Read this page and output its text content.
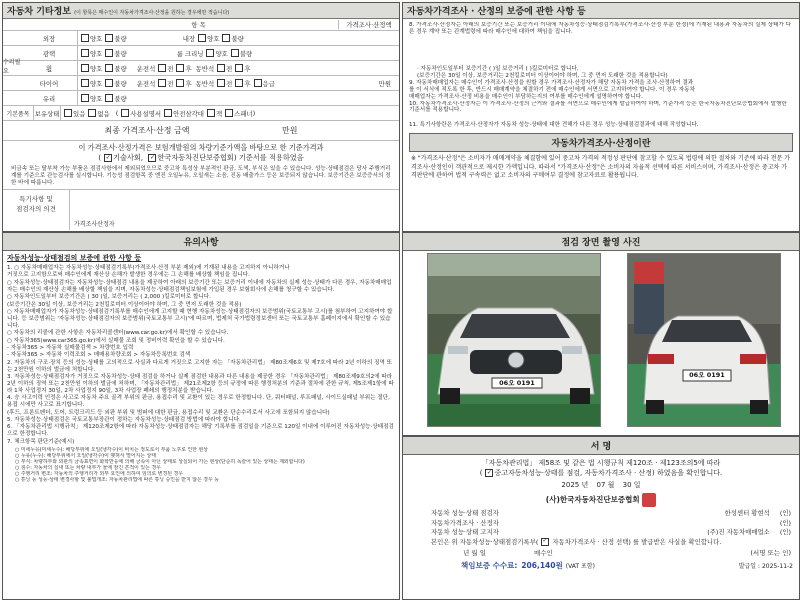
자동차 기타정보 (이 항목은 매수인이 자동차가격조사·산정을 원하는 경우에만 적습니다)
항 목	가격조사·산정액
수리필요
외장	양호 불량	내장 양호 불량
광택	양호 불량	룸 크리닝 양호 불량
휠	양호 불량 운전석 전 후 동반석 전 후
타이어	양호 불량 운전석 전 후 동반석 전 후 응급	만원
유리	양호 불량
기본품목 보유상태 있음 없음 ( 사용설명서 안전삼각대 잭 스패너 )
최종 가격조사·산정 금액	만원
이 가격조사·산정가격은 보험개발원의 차량기준가액을 바탕으로 한 기준가격과
( ✓ 기술사회, ✓한국자동차진단보증협회) 기준서를 적용하였음
비금속 또는 탈부착 가능 부품은 점검사항에서 제외되었으므로 중고차 특성상 부분적인 판금, 도색, 부식은 있을 수 있습니다. 성능·상태점검은 당사 주행거리계를 기준으로 관능검사를 실시합니다. 기능성 점검항목 중 엔진 오일누유, 오일새는 소음, 진동 배출가스 등은 보증되지 않습니다. 보증기간은 보증증서의 정한 바에 따릅니다.
특기사항 및
점검자의 의견
가격조사산정자
자동차가격조사 · 산정의 보증에 관한 사항 등
8. 가격조사·산정자는 아래의 보증기간 또는 보증거리 이내에 자동차성능·상태점검기록부(가격조사·산정 부분 한정)에 기재된 내용과 자동차의 실제 상태가 다른 경우 계약 또는 관계법령에 따라 매수인에 대하여 책임을 집니다.
· 자동차인도일부터 보증기간 ( )일 보증거리 ( )킬로미터로 합니다.
(보증기간은 30일 이상, 보증거리는 2천킬로미터 이상이어야 하며, 그 중 먼저 도래한 것을 적용합니다)
9. 자동차매매업자는 매수인이 가격조사·산정을 원할 경우 가격조사·산정자가 해당 자동차 가격을 조사·산정하여 결과
를 이 서식에 적도록 한 후, 반드시 매매계약을 체결하기 전에 매수인에게 서면으로 고지하여야 합니다. 이 경우 자동차
매매업자는 가격조사·산정 비용을 매수인이 부담하는지의 여부를 매수인에게 설명하여야 합니다.
10. 자동차가격조사·산정자는 이 가격조사·산정의 근거와 결과를 서면으로 매수인에게 발급하여야 하며, 기준가격 등은 한국자동차진단보증협회에서 발행한 기준서를 적용합니다.
11. 특기사항란은 가격조사·산정자가 자동차 성능·상태에 대한 견해가 다른 경우 성능·상태점검결과에 대해 작성합니다.
자동차가격조사·산정이란
※ "가격조사·산정"은 소비자가 매매계약을 체결함에 있어 중고차 가격의 적정성 판단에 참고할 수 있도록 법령에 의한 절차와 기준에 따라 전문 가격조사·산정인이 객관적으로 제시한 가액입니다. 따라서 "가격조사·산정"은 소비자의 자율적 선택에 따른 서비스이며, 가격조사·산정은 중고차 가격판단에 관하여 법적 구속력은 없고 소비자의 구매여부 결정에 참고자료로 활용됩니다.
유의사항
자동차성능·상태점검의 보증에 관한 사항 등
1. ○ 자동차매매업자는 자동차성능·상태점검기록부(가격조사·산정 부분 제외)에 기재된 내용을 고지하지 아니하거나
거짓으로 고지함으로써 매수인에게 재산상 손해가 발생한 경우에는 그 손해를 배상할 책임을 집니다.
○ 자동차성능·상태점검자는 자동차성능·상태점검 내용을 제공하여 아래의 보증기간 또는 보증거리 이내에 자동차의 실제 성능·상태가 다른 경우, 자동차매매업자는 매수인의 재산상 손해를 배상할 책임을 지며, 자동차성능·상태점검책임보험에 가입된 경우 보험회사에 손해를 청구할 수 있습니다.
○ 자동차인도일부터 보증기간은 ( 30 )일, 보증거리는 ( 2,000 )킬로미터로 합니다.
(보증기간은 30일 이상, 보증거리는 2천킬로미터 이상이어야 하며, 그 중 먼저 도래한 것을 적용)
○ 자동차매매업자가 자동차성능·상태점검기록부를 매수인에게 고지할 때 현행 자동차성능·상태점검자의 보증범위(국토교통부 고시)를 첨부하여 고지하여야 합니다. 등 보증범위는 '자동차성능·상태점검자의 보증범위(국토교통부 고시)'에 따르며, 법제처 국가법령정보센터 또는 국토교통부 홈페이지에서 확인할 수 있습니다.
○ 자동차의 리콜에 관한 사항은 자동차리콜센터(www.car.go.kr)에서 확인할 수 있습니다.
○ 자동차365(www.car365.go.kr)에서 실매물 조회 및 정비이력 확인을 할 수 있습니다.
- 자동차365 > 자동차 실매물검색 > 차량번호 입력
- 자동차365 > 자동차 이력조회 > 매매용차량조회 > 자동차등록번호 검색
2. 자동차의 구조·장치 등의 성능·상태를 고의적으로 사실과 다르게 거짓으로 고지한 자는 「자동차관리법」 제80조제6호 및 제7호에 따라 2년 이하의 징역 또는 2천만원 이하의 벌금에 처합니다.
3. 자동차성능·상태점검자가 거짓으로 자동차성능·상태 점검을 하거나 실제 점검한 내용과 다른 내용을 제공한 경우 「자동차관리법」 제80조제9호의2에 따라 2년 이하의 징역 또는 2천만원 이하의 벌금에 처하며, 「자동차관리법」 제21조제2항 등의 규정에 따른 행정처분의 기준과 절차에 관한 규칙, 제5조제1항에 따라 1차 사업정지 30일, 2차 사업정지 90일, 3차 사업장 폐쇄의 행정처분을 받습니다.
4. 승 사고이력 인정은 사고로 자동차 주요 골격 부위의 판금, 용접수리 및 교환이 있는 경우로 한정합니다. 단, 쿼터패널, 루프패널, 사이드실패널 부위는 절단, 용접 시에만 사고로 표기합니다.
(후드, 프론트펜더, 도어, 트렁크리드 등 외판 부위 및 범퍼에 대한 판금, 용접수리 및 교환은 단순수리로서 사고에 포함되지 않습니다)
5. 자동차성능·상태점검은 국토교통부장관이 정하는 자동차성능·상태점검 방법에 따라야 합니다.
6. 「자동차관리법 시행규칙」 제120조제2항에 따라 자동차성능·상태점검자는 해당 기록부를 점검일을 기준으로 120일 이내에 이루어진 자동차성능·상태점검으로 한정합니다.
7. 체크항목 판단기준(예시)
○ 미세누유(미세누수): 해당부위에 오일(냉각수)이 비치는 정도로서 부품 노후로 인한 현상
○ 누유(누수): 해당부위에서 오일(냉각수)이 맺혀서 떨어지는 상태
○ 부식: 차량하부와 외판의 금속표면이 화학반응에 의해 금속이 아닌 상태로 상실되어 가는 현상(단순히 녹슬어 있는 상태는 제외합니다)
○ 침수: 자동차의 실내 또는 차량 내부가 물에 잠긴 흔적이 있는 경우
○ 주행거리 변조: 자동차의 주행거리가 외부 요인에 의하여 임의로 변경된 경우
○ 튜닝 등 성능·상태 변경사항 및 불법개조: 자동차관리법에 따른 튜닝 승인을 받지 않은 경우 등
점검 장면 촬영 사진
06오 0191
06오 0191
서 명
「자동차관리법」 제58조 및 같은 법 시행규칙 제120조 · 제123조의5에 따라
( ✓ 중고자동차성능·상태를 점검, 자동차가격조사 · 산정) 하였음을 확인합니다.
2025 년 07 월 30 일
(사)한국자동차진단보증협회
자동차 성능·상태 점검자	한성센터 황현석 (인)
자동차가격조사 · 산정자	(인)
자동차 성능·상태 고지자	(주)진 자동차매매업소 (인)
본인은 위 자동차성능·상태점검기록부( ✓ 자동차가격조사 · 산정 선택) 를 발급받은 사실을 확인합니다.
년 월 일	매수인	(서명 또는 인)
책임보증 수수료: 206,140원 (VAT 포함)	발급일 : 2025-11-2
